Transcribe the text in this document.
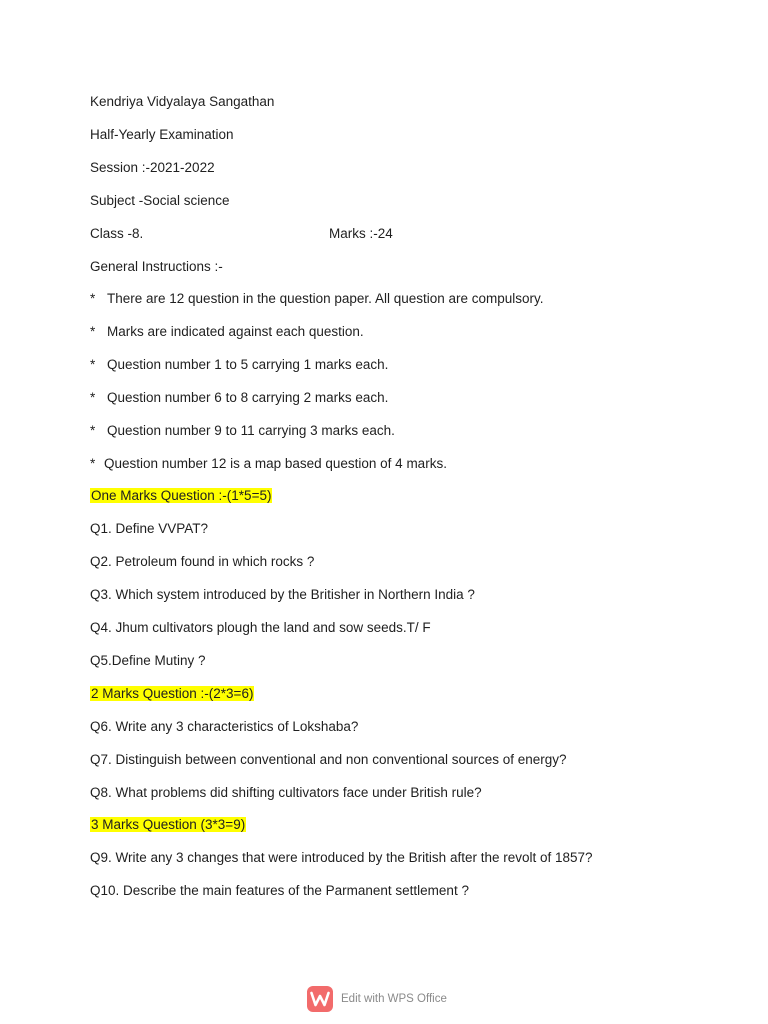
Kendriya Vidyalaya Sangathan
Half-Yearly Examination
Session :-2021-2022
Subject -Social science
Class -8.	Marks :-24
General Instructions :-
* There are 12 question in the question paper. All question are compulsory.
* Marks are indicated against each question.
* Question number 1 to 5 carrying 1 marks each.
* Question number 6 to 8 carrying 2 marks each.
* Question number 9 to 11 carrying 3 marks each.
* Question number 12 is a map based question of 4 marks.
One Marks Question :-(1*5=5)
Q1. Define VVPAT?
Q2. Petroleum found in which rocks ?
Q3. Which system introduced by the Britisher in Northern India ?
Q4. Jhum cultivators plough the land and sow seeds.T/ F
Q5.Define Mutiny ?
2 Marks Question :-(2*3=6)
Q6. Write any 3 characteristics of Lokshaba?
Q7. Distinguish between conventional and non conventional sources of energy?
Q8. What problems did shifting cultivators face under British rule?
3 Marks Question (3*3=9)
Q9. Write any 3 changes that were introduced by the British after the revolt of 1857?
Q10. Describe the main features of the Parmanent settlement ?
Edit with WPS Office
